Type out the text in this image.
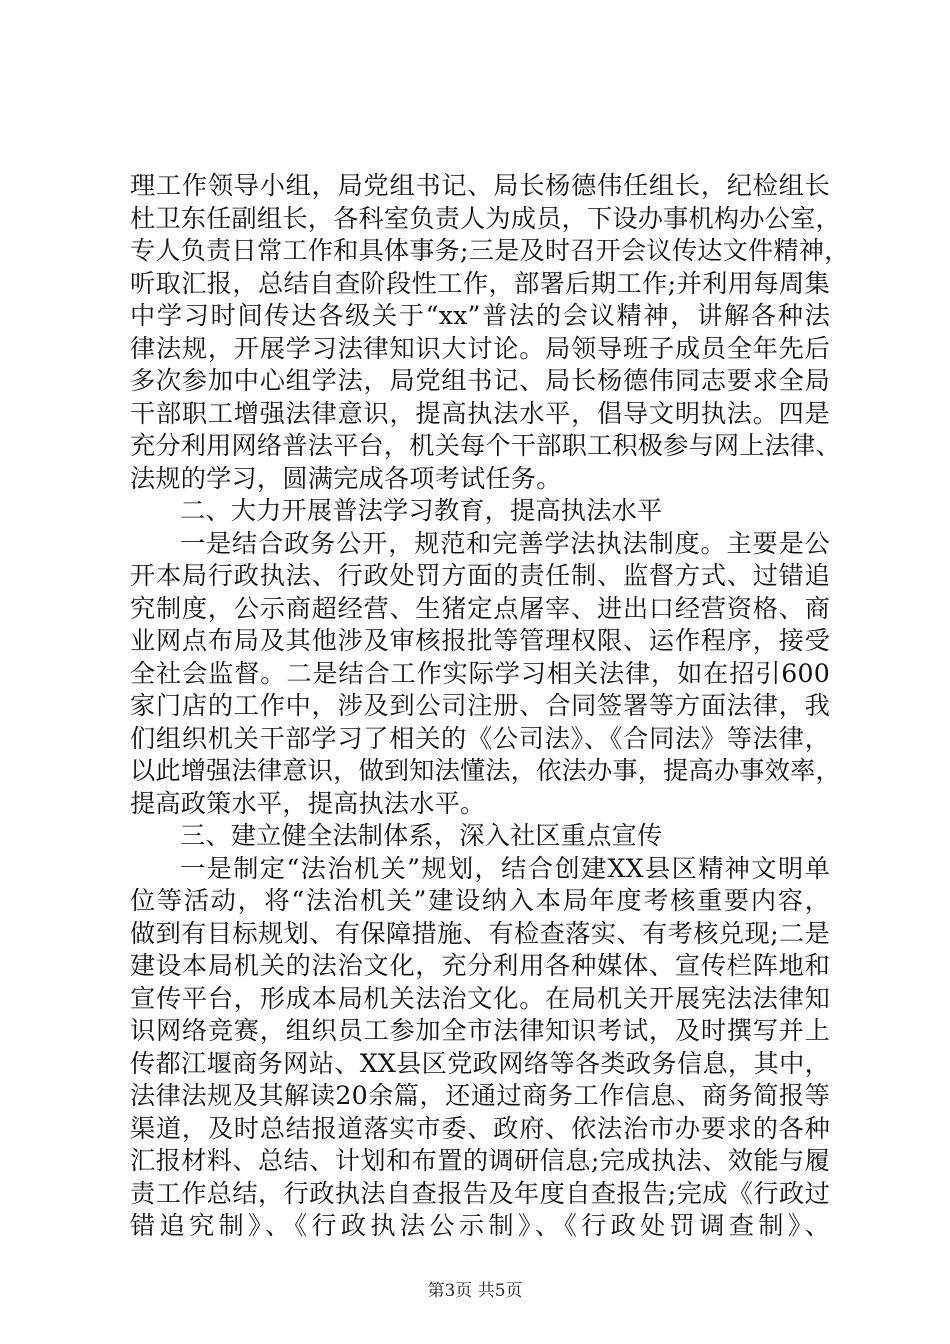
理工作领导小组，局党组书记、局长杨德伟任组长，纪检组长
杜卫东任副组长，各科室负责人为成员，下设办事机构办公室，
专人负责日常工作和具体事务;三是及时召开会议传达文件精神，
听取汇报，总结自查阶段性工作，部署后期工作;并利用每周集
中学习时间传达各级关于“xx”普法的会议精神，讲解各种法
律法规，开展学习法律知识大讨论。局领导班子成员全年先后
多次参加中心组学法，局党组书记、局长杨德伟同志要求全局
干部职工增强法律意识，提高执法水平，倡导文明执法。四是
充分利用网络普法平台，机关每个干部职工积极参与网上法律、
法规的学习，圆满完成各项考试任务。
二、大力开展普法学习教育，提高执法水平
一是结合政务公开，规范和完善学法执法制度。主要是公
开本局行政执法、行政处罚方面的责任制、监督方式、过错追
究制度，公示商超经营、生猪定点屠宰、进出口经营资格、商
业网点布局及其他涉及审核报批等管理权限、运作程序，接受
全社会监督。二是结合工作实际学习相关法律，如在招引600
家门店的工作中，涉及到公司注册、合同签署等方面法律，我
们组织机关干部学习了相关的《公司法》、《合同法》等法律，
以此增强法律意识，做到知法懂法，依法办事，提高办事效率，
提高政策水平，提高执法水平。
三、建立健全法制体系，深入社区重点宣传
一是制定“法治机关”规划，结合创建XX县区精神文明单
位等活动，将“法治机关”建设纳入本局年度考核重要内容，
做到有目标规划、有保障措施、有检查落实、有考核兑现;二是
建设本局机关的法治文化，充分利用各种媒体、宣传栏阵地和
宣传平台，形成本局机关法治文化。在局机关开展宪法法律知
识网络竞赛，组织员工参加全市法律知识考试，及时撰写并上
传都江堰商务网站、XX县区党政网络等各类政务信息，其中，
法律法规及其解读20余篇，还通过商务工作信息、商务简报等
渠道，及时总结报道落实市委、政府、依法治市办要求的各种
汇报材料、总结、计划和布置的调研信息;完成执法、效能与履
责工作总结，行政执法自查报告及年度自查报告;完成《行政过
错追究制》、《行政执法公示制》、《行政处罚调查制》、
第3页 共5页
